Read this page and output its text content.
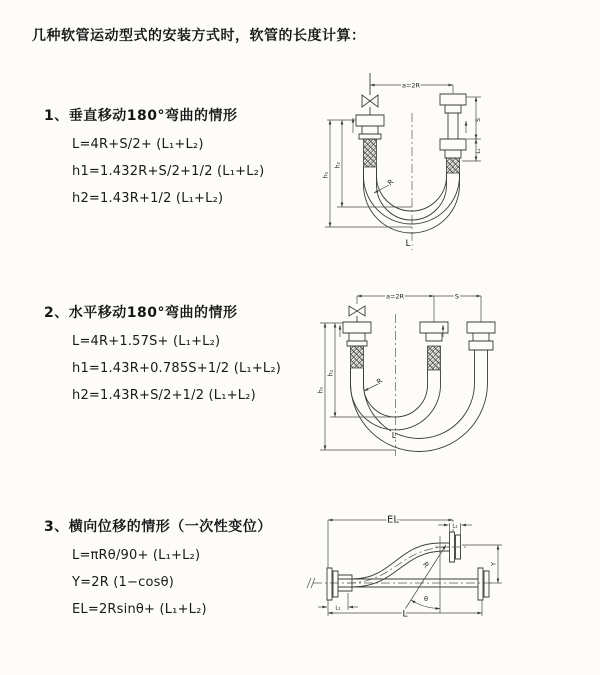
几种软管运动型式的安装方式时，软管的长度计算：
1、垂直移动180°弯曲的情形
L=4R+S/2+ (L₁+L₂)
h1=1.432R+S/2+1/2 (L₁+L₂)
h2=1.43R+1/2 (L₁+L₂)
2、水平移动180°弯曲的情形
L=4R+1.57S+ (L₁+L₂)
h1=1.43R+0.785S+1/2 (L₁+L₂)
h2=1.43R+S/2+1/2 (L₁+L₂)
3、横向位移的情形（一次性变位）
L=πRθ/90+ (L₁+L₂)
Y=2R (1−cosθ)
EL=2Rsinθ+ (L₁+L₂)
a=2R
h₂
h₁
S
L₁
R
L
a=2R	S
h₂
h₁
R
L
EL
L₁
R
θ
Y
L₁
L
